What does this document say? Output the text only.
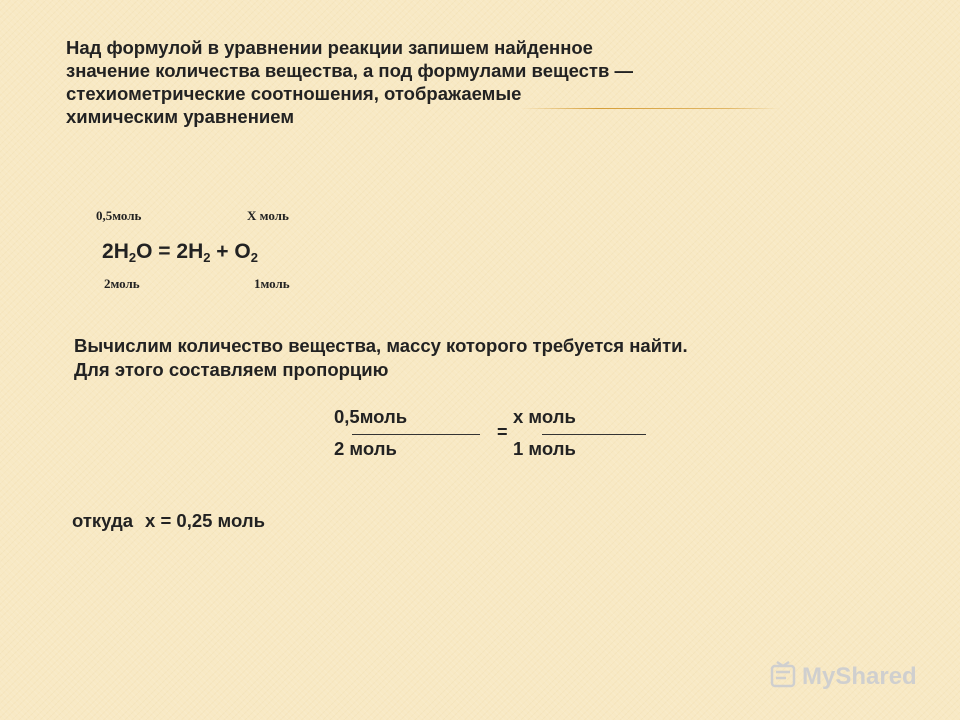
Над формулой в уравнении реакции запишем найденное
значение количества вещества, а под формулами веществ —
стехиометрические соотношения, отображаемые
химическим уравнением
0,5моль	Х моль
$2H_2O = 2H_2 + O_2$
2моль	1моль
Вычислим количество вещества, массу которого требуется найти.
Для этого составляем пропорцию
0,5моль
2 моль
=
х моль
1 моль
откуда х = 0,25 моль
MyShared
